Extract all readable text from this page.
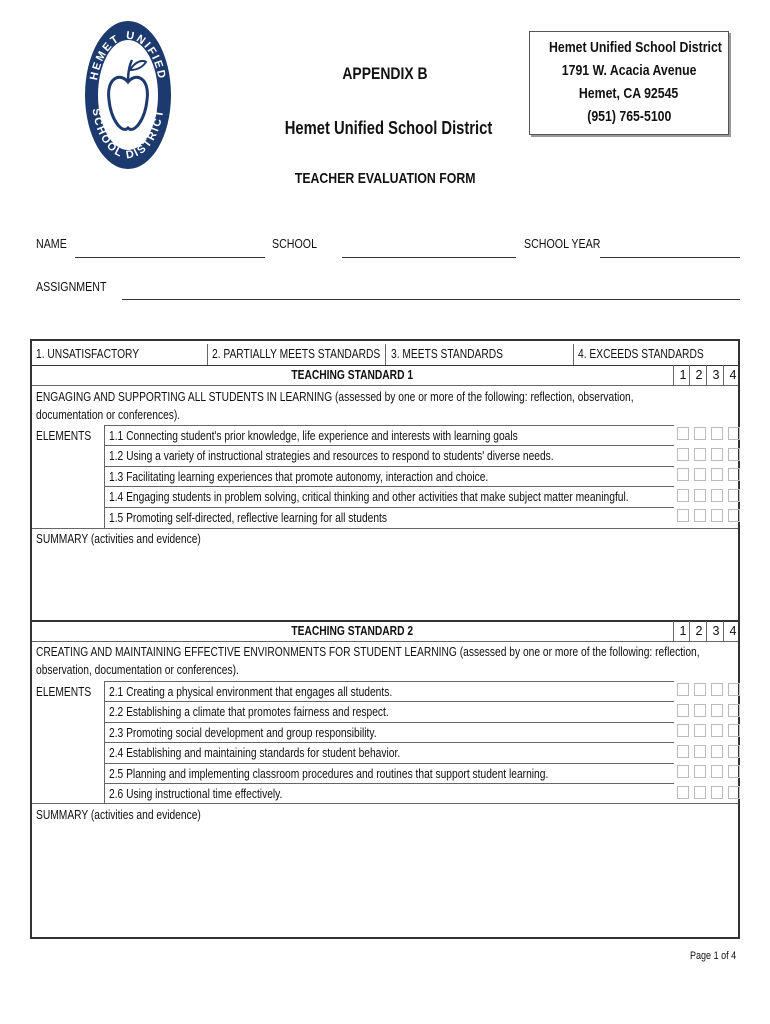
HEMET UNIFIED
SCHOOL DISTRICT
APPENDIX B
Hemet Unified School District
Hemet Unified School District
1791 W. Acacia Avenue
Hemet, CA 92545
(951) 765-5100
TEACHER EVALUATION FORM
NAME	SCHOOL	SCHOOL YEAR
ASSIGNMENT
1. UNSATISFACTORY	2. PARTIALLY MEETS STANDARDS 3. MEETS STANDARDS	4. EXCEEDS STANDARDS
TEACHING STANDARD 1	1 2 3 4
ENGAGING AND SUPPORTING ALL STUDENTS IN LEARNING (assessed by one or more of the following: reflection, observation,
documentation or conferences).
ELEMENTS	1.1 Connecting student's prior knowledge, life experience and interests with learning goals
1.2 Using a variety of instructional strategies and resources to respond to students' diverse needs.
1.3 Facilitating learning experiences that promote autonomy, interaction and choice.
1.4 Engaging students in problem solving, critical thinking and other activities that make subject matter meaningful.
1.5 Promoting self-directed, reflective learning for all students
SUMMARY (activities and evidence)
TEACHING STANDARD 2	1 2 3 4
CREATING AND MAINTAINING EFFECTIVE ENVIRONMENTS FOR STUDENT LEARNING (assessed by one or more of the following: reflection,
observation, documentation or conferences).
ELEMENTS	2.1 Creating a physical environment that engages all students.
2.2 Establishing a climate that promotes fairness and respect.
2.3 Promoting social development and group responsibility.
2.4 Establishing and maintaining standards for student behavior.
2.5 Planning and implementing classroom procedures and routines that support student learning.
2.6 Using instructional time effectively.
SUMMARY (activities and evidence)
Page 1 of 4
